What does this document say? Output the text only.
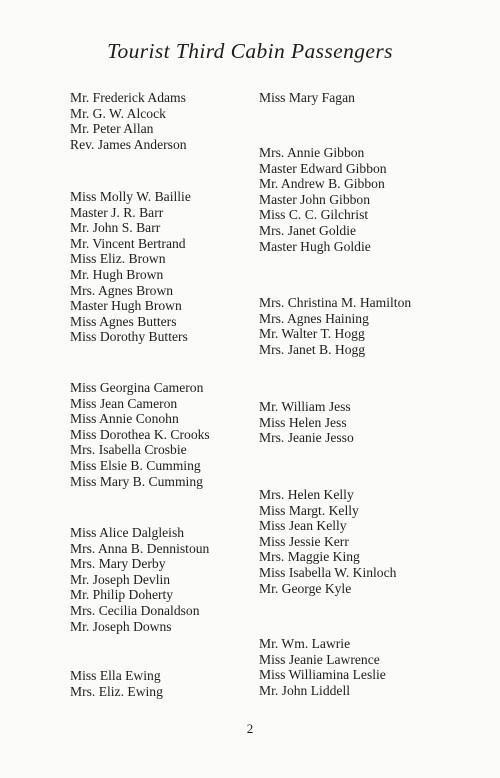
Tourist Third Cabin Passengers
Mr. Frederick Adams
Mr. G. W. Alcock
Mr. Peter Allan
Rev. James Anderson
Miss Molly W. Baillie
Master J. R. Barr
Mr. John S. Barr
Mr. Vincent Bertrand
Miss Eliz. Brown
Mr. Hugh Brown
Mrs. Agnes Brown
Master Hugh Brown
Miss Agnes Butters
Miss Dorothy Butters
Miss Georgina Cameron
Miss Jean Cameron
Miss Annie Conohn
Miss Dorothea K. Crooks
Mrs. Isabella Crosbie
Miss Elsie B. Cumming
Miss Mary B. Cumming
Miss Alice Dalgleish
Mrs. Anna B. Dennistoun
Mrs. Mary Derby
Mr. Joseph Devlin
Mr. Philip Doherty
Mrs. Cecilia Donaldson
Mr. Joseph Downs
Miss Ella Ewing
Mrs. Eliz. Ewing
Miss Mary Fagan
Mrs. Annie Gibbon
Master Edward Gibbon
Mr. Andrew B. Gibbon
Master John Gibbon
Miss C. C. Gilchrist
Mrs. Janet Goldie
Master Hugh Goldie
Mrs. Christina M. Hamilton
Mrs. Agnes Haining
Mr. Walter T. Hogg
Mrs. Janet B. Hogg
Mr. William Jess
Miss Helen Jess
Mrs. Jeanie Jesso
Mrs. Helen Kelly
Miss Margt. Kelly
Miss Jean Kelly
Miss Jessie Kerr
Mrs. Maggie King
Miss Isabella W. Kinloch
Mr. George Kyle
Mr. Wm. Lawrie
Miss Jeanie Lawrence
Miss Williamina Leslie
Mr. John Liddell
2
